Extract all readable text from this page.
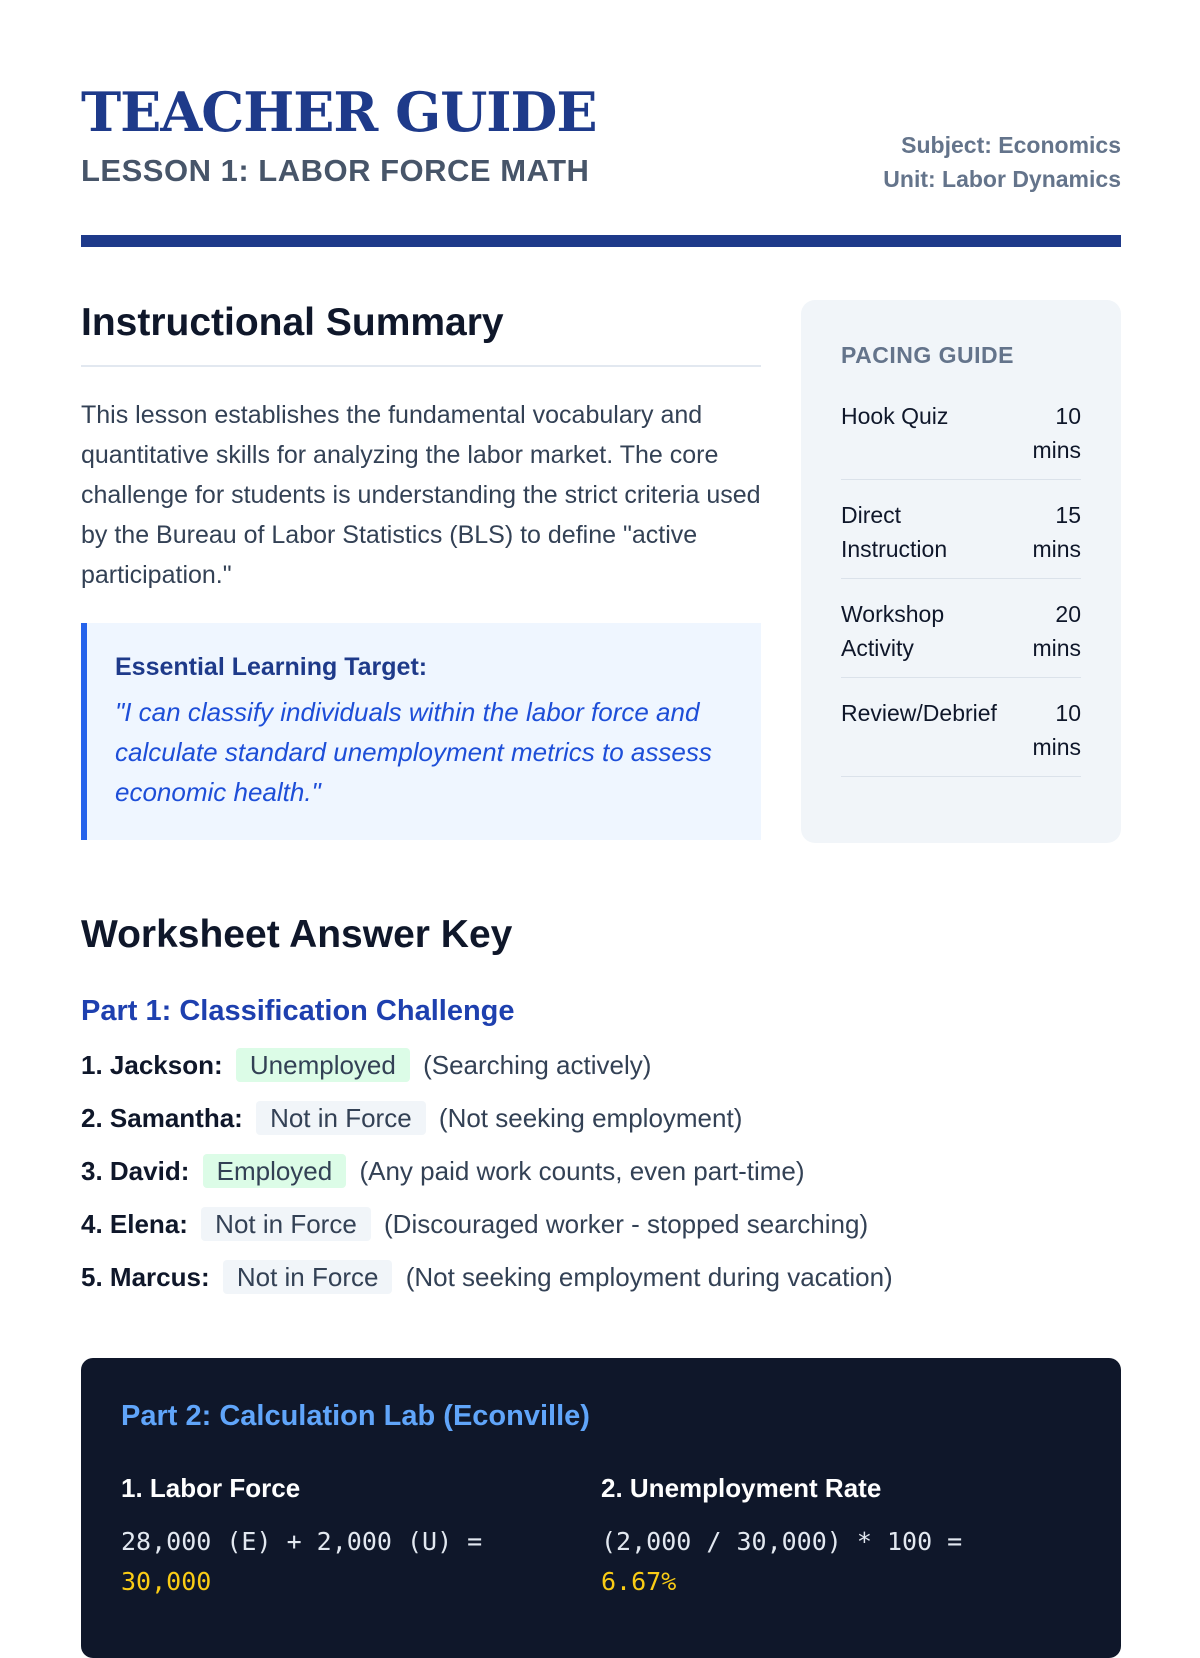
TEACHER GUIDE
LESSON 1: LABOR FORCE MATH
Subject: Economics
Unit: Labor Dynamics
Instructional Summary
This lesson establishes the fundamental vocabulary and quantitative skills for analyzing the labor market. The core challenge for students is understanding the strict criteria used by the Bureau of Labor Statistics (BLS) to define "active participation."
Essential Learning Target:
"I can classify individuals within the labor force and calculate standard unemployment metrics to assess economic health."
PACING GUIDE
Hook Quiz	10 mins
Direct Instruction
15 mins
Workshop Activity
20 mins
Review/Debrief	10 mins
Worksheet Answer Key
Part 1: Classification Challenge
1. Jackson: Unemployed (Searching actively)
2. Samantha: Not in Force (Not seeking employment)
3. David: Employed (Any paid work counts, even part-time)
4. Elena: Not in Force (Discouraged worker - stopped searching)
5. Marcus: Not in Force (Not seeking employment during vacation)
Part 2: Calculation Lab (Econville)
1. Labor Force
28,000 (E) + 2,000 (U) =
30,000
2. Unemployment Rate
(2,000 / 30,000) * 100 =
6.67%
